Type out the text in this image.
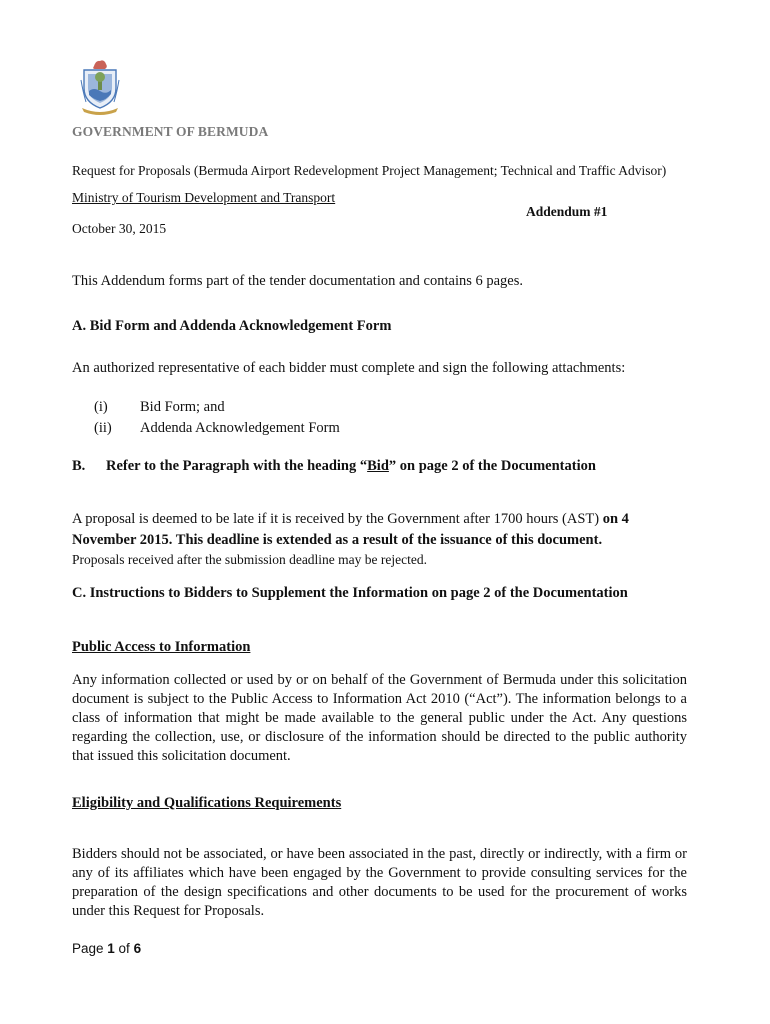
GOVERNMENT OF BERMUDA
Request for Proposals (Bermuda Airport Redevelopment Project Management; Technical and Traffic Advisor)
Ministry of Tourism Development and Transport
Addendum #1
October 30, 2015
This Addendum forms part of the tender documentation and contains 6 pages.
A. Bid Form and Addenda Acknowledgement Form
An authorized representative of each bidder must complete and sign the following attachments:
(i) Bid Form; and
(ii) Addenda Acknowledgement Form
B. Refer to the Paragraph with the heading “Bid” on page 2 of the Documentation
A proposal is deemed to be late if it is received by the Government after 1700 hours (AST) on 4
November 2015. This deadline is extended as a result of the issuance of this document.
Proposals received after the submission deadline may be rejected.
C. Instructions to Bidders to Supplement the Information on page 2 of the Documentation
Public Access to Information
Any information collected or used by or on behalf of the Government of Bermuda under this solicitation document is subject to the Public Access to Information Act 2010 (“Act”). The information belongs to a class of information that might be made available to the general public under the Act. Any questions regarding the collection, use, or disclosure of the information should be directed to the public authority that issued this solicitation document.
Eligibility and Qualifications Requirements
Bidders should not be associated, or have been associated in the past, directly or indirectly, with a firm or any of its affiliates which have been engaged by the Government to provide consulting services for the preparation of the design specifications and other documents to be used for the procurement of works under this Request for Proposals.
Page 1 of 6
